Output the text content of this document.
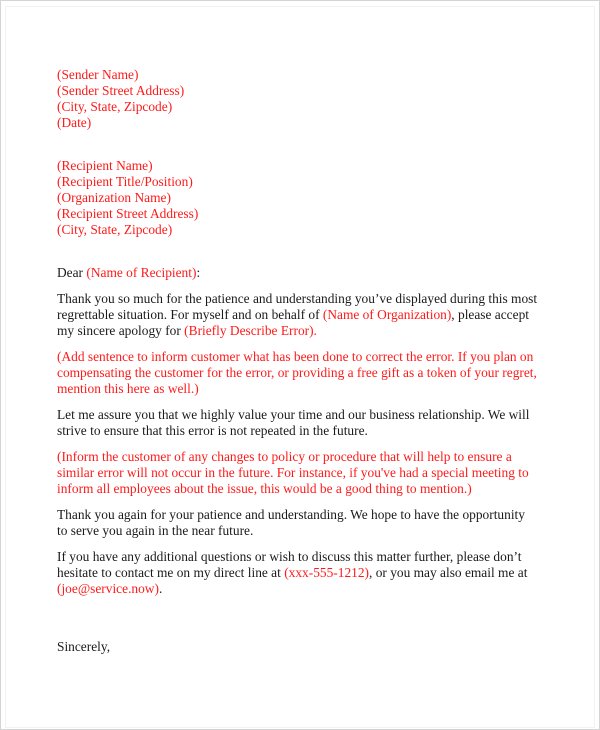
(Sender Name)
(Sender Street Address)
(City, State, Zipcode)
(Date)
(Recipient Name)
(Recipient Title/Position)
(Organization Name)
(Recipient Street Address)
(City, State, Zipcode)

Dear (Name of Recipient):

Thank you so much for the patience and understanding you’ve displayed during this most
regrettable situation. For myself and on behalf of (Name of Organization), please accept
my sincere apology for (Briefly Describe Error).
(Add sentence to inform customer what has been done to correct the error. If you plan on
compensating the customer for the error, or providing a free gift as a token of your regret,
mention this here as well.)
Let me assure you that we highly value your time and our business relationship. We will
strive to ensure that this error is not repeated in the future.
(Inform the customer of any changes to policy or procedure that will help to ensure a
similar error will not occur in the future. For instance, if you've had a special meeting to
inform all employees about the issue, this would be a good thing to mention.)
Thank you again for your patience and understanding. We hope to have the opportunity
to serve you again in the near future.
If you have any additional questions or wish to discuss this matter further, please don’t
hesitate to contact me on my direct line at (xxx-555-1212), or you may also email me at
(joe@service.now).

Sincerely,
